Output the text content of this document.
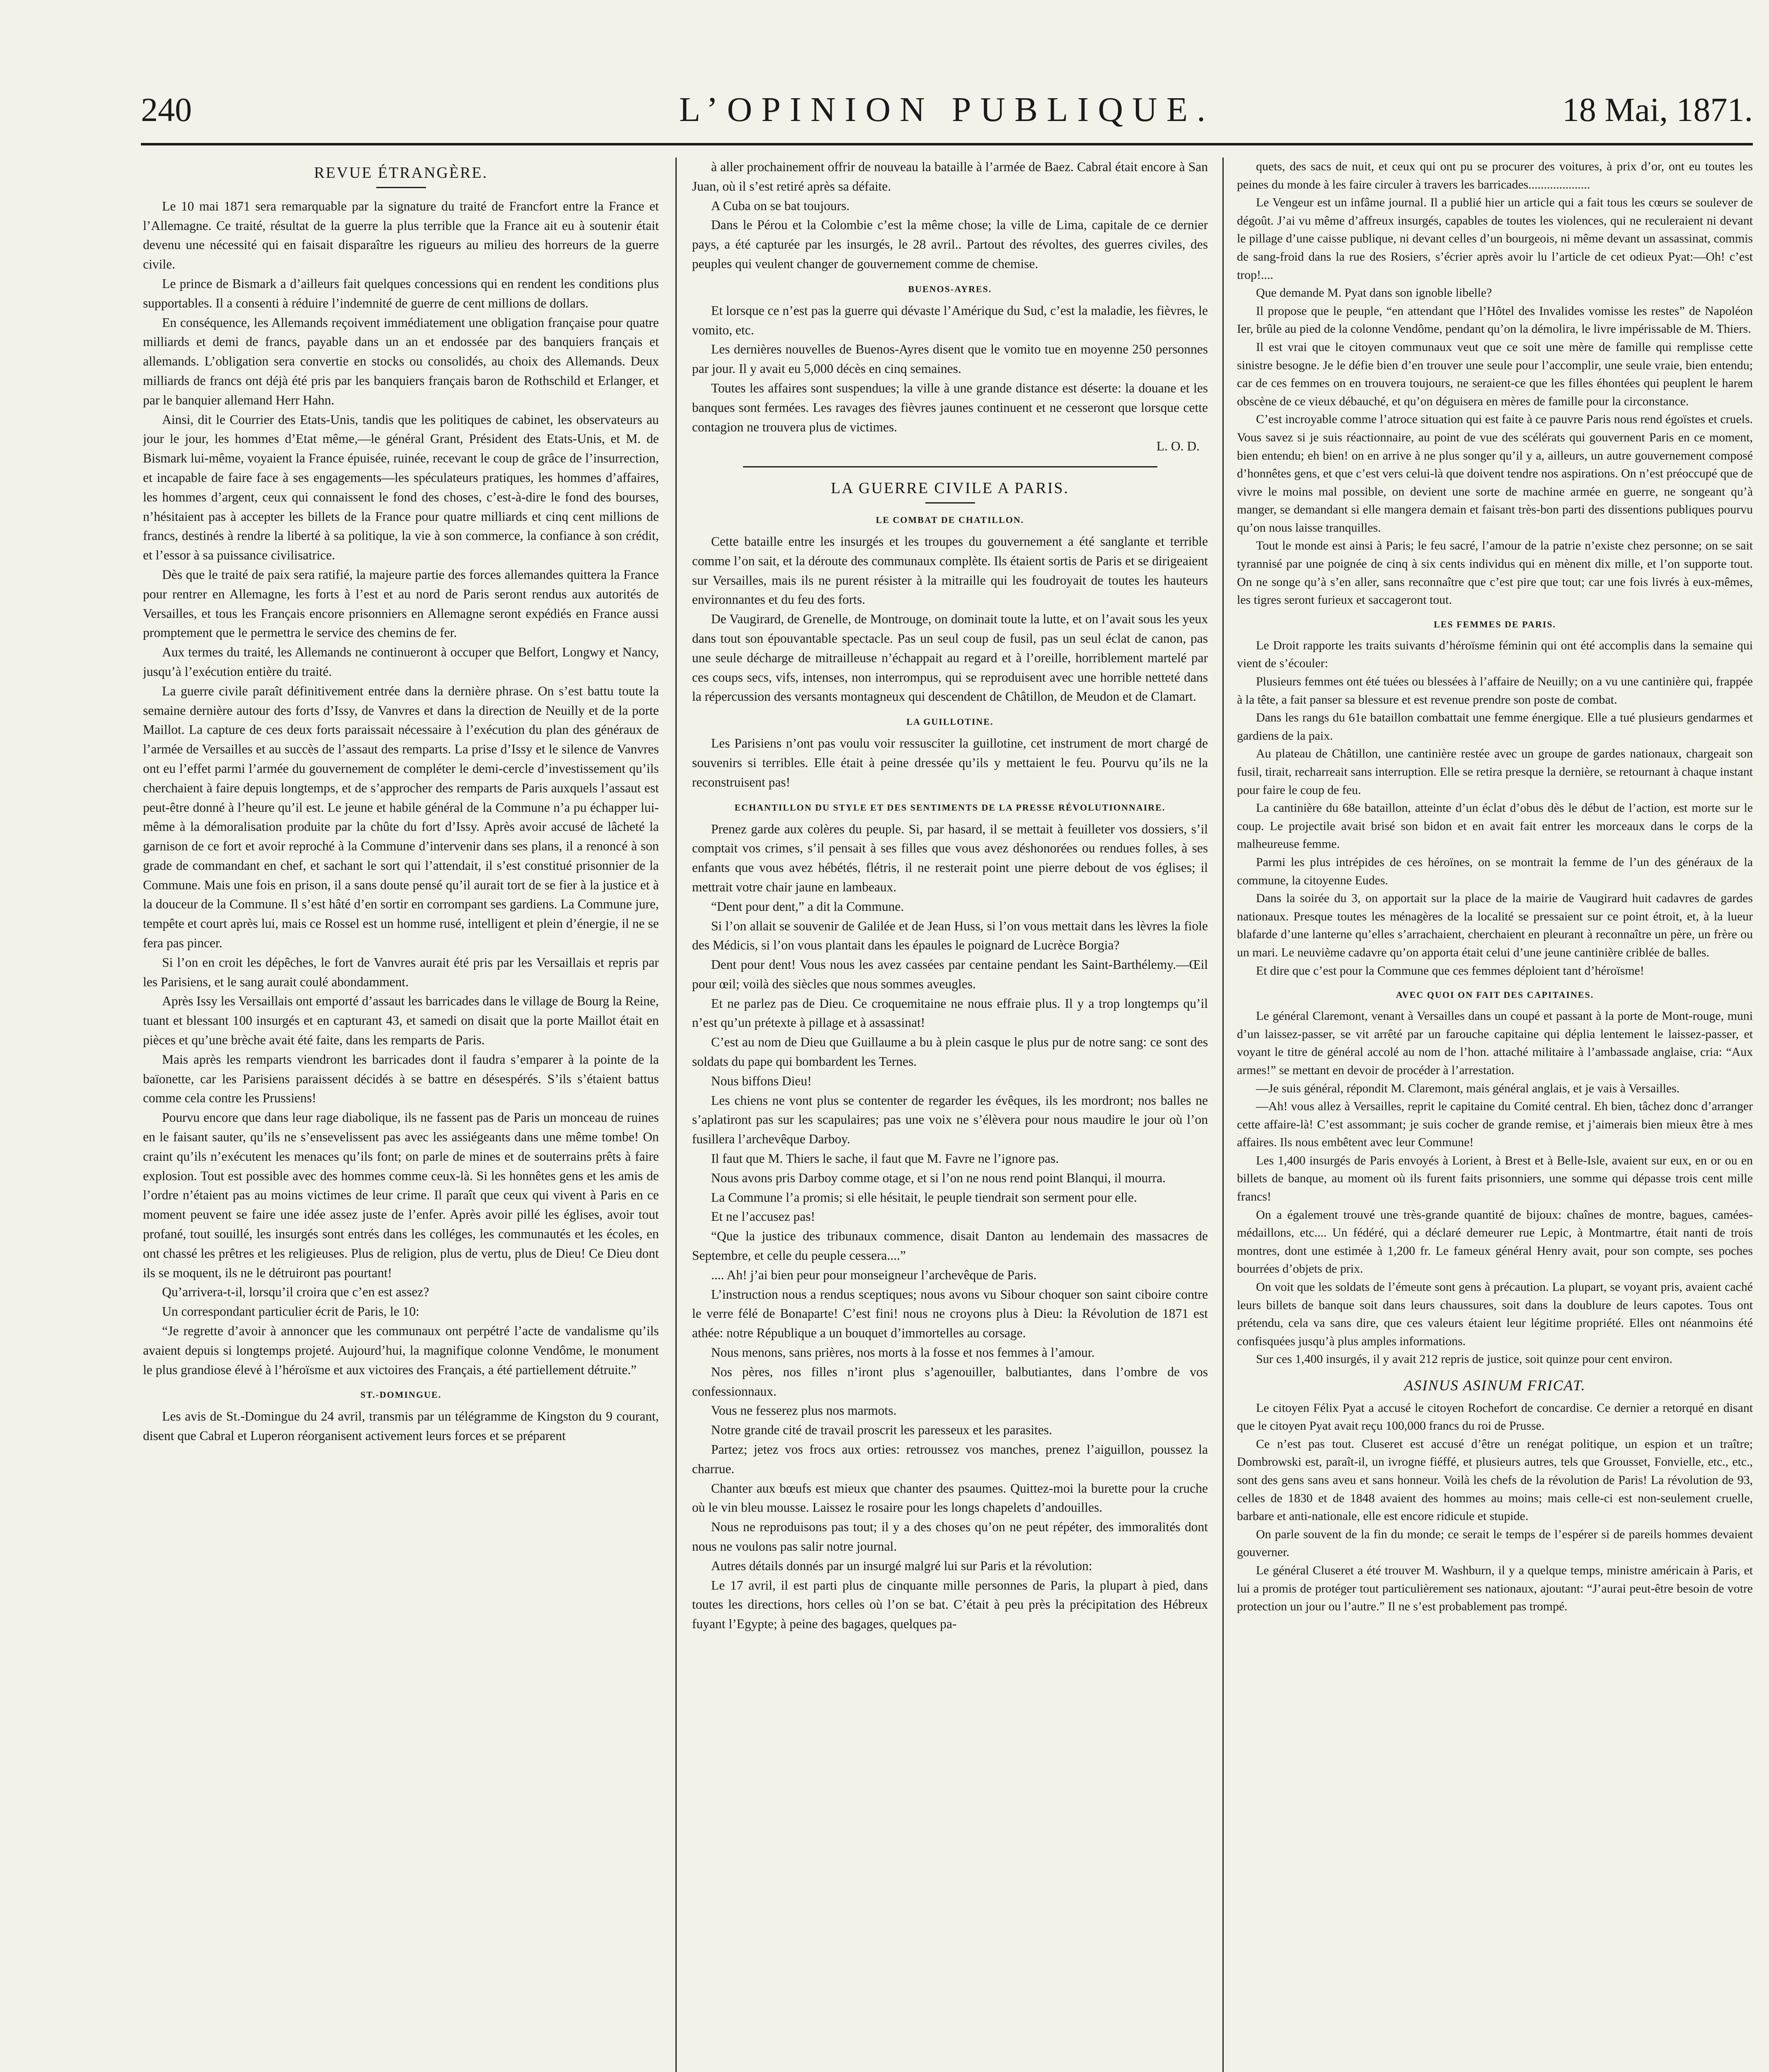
L’OPINION PUBLIQUE.
240	18 Mai, 1871.
REVUE ÉTRANGÈRE.

Le 10 mai 1871 sera remarquable par la signature du traité de Francfort entre la France et l’Allemagne. Ce traité, résultat de la guerre la plus terrible que la France ait eu à soutenir était devenu une nécessité qui en faisait disparaître les rigueurs au milieu des horreurs de la guerre civile.

Le prince de Bismark a d’ailleurs fait quelques concessions qui en rendent les conditions plus supportables. Il a consenti à réduire l’indemnité de guerre de cent millions de dollars.

En conséquence, les Allemands reçoivent immédiatement une obligation française pour quatre milliards et demi de francs, payable dans un an et endossée par des banquiers français et allemands. L’obligation sera convertie en stocks ou consolidés, au choix des Allemands. Deux milliards de francs ont déjà été pris par les banquiers français baron de Rothschild et Erlanger, et par le banquier allemand Herr Hahn.

Ainsi, dit le Courrier des Etats-Unis, tandis que les politiques de cabinet, les observateurs au jour le jour, les hommes d’Etat même,—le général Grant, Président des Etats-Unis, et M. de Bismark lui-même, voyaient la France épuisée, ruinée, recevant le coup de grâce de l’insurrection, et incapable de faire face à ses engagements—les spéculateurs pratiques, les hommes d’affaires, les hommes d’argent, ceux qui connaissent le fond des choses, c’est-à-dire le fond des bourses, n’hésitaient pas à accepter les billets de la France pour quatre milliards et cinq cent millions de francs, destinés à rendre la liberté à sa politique, la vie à son commerce, la confiance à son crédit, et l’essor à sa puissance civilisatrice.

Dès que le traité de paix sera ratifié, la majeure partie des forces allemandes quittera la France pour rentrer en Allemagne, les forts à l’est et au nord de Paris seront rendus aux autorités de Versailles, et tous les Français encore prisonniers en Allemagne seront expédiés en France aussi promptement que le permettra le service des chemins de fer.

Aux termes du traité, les Allemands ne continueront à occuper que Belfort, Longwy et Nancy, jusqu’à l’exécution entière du traité.

La guerre civile paraît définitivement entrée dans la dernière phrase. On s’est battu toute la semaine dernière autour des forts d’Issy, de Vanvres et dans la direction de Neuilly et de la porte Maillot. La capture de ces deux forts paraissait nécessaire à l’exécution du plan des généraux de l’armée de Versailles et au succès de l’assaut des remparts. La prise d’Issy et le silence de Vanvres ont eu l’effet parmi l’armée du gouvernement de compléter le demi-cercle d’investissement qu’ils cherchaient à faire depuis longtemps, et de s’approcher des remparts de Paris auxquels l’assaut est peut-être donné à l’heure qu’il est. Le jeune et habile général de la Commune n’a pu échapper lui-même à la démoralisation produite par la chûte du fort d’Issy. Après avoir accusé de lâcheté la garnison de ce fort et avoir reproché à la Commune d’intervenir dans ses plans, il a renoncé à son grade de commandant en chef, et sachant le sort qui l’attendait, il s’est constitué prisonnier de la Commune. Mais une fois en prison, il a sans doute pensé qu’il aurait tort de se fier à la justice et à la douceur de la Commune. Il s’est hâté d’en sortir en corrompant ses gardiens. La Commune jure, tempête et court après lui, mais ce Rossel est un homme rusé, intelligent et plein d’énergie, il ne se fera pas pincer.

Si l’on en croit les dépêches, le fort de Vanvres aurait été pris par les Versaillais et repris par les Parisiens, et le sang aurait coulé abondamment.

Après Issy les Versaillais ont emporté d’assaut les barricades dans le village de Bourg la Reine, tuant et blessant 100 insurgés et en capturant 43, et samedi on disait que la porte Maillot était en pièces et qu’une brèche avait été faite, dans les remparts de Paris.

Mais après les remparts viendront les barricades dont il faudra s’emparer à la pointe de la baïonette, car les Parisiens paraissent décidés à se battre en désespérés. S’ils s’étaient battus comme cela contre les Prussiens!

Pourvu encore que dans leur rage diabolique, ils ne fassent pas de Paris un monceau de ruines en le faisant sauter, qu’ils ne s’ensevelissent pas avec les assiégeants dans une même tombe! On craint qu’ils n’exécutent les menaces qu’ils font; on parle de mines et de souterrains prêts à faire explosion. Tout est possible avec des hommes comme ceux-là. Si les honnêtes gens et les amis de l’ordre n’étaient pas au moins victimes de leur crime. Il paraît que ceux qui vivent à Paris en ce moment peuvent se faire une idée assez juste de l’enfer. Après avoir pillé les églises, avoir tout profané, tout souillé, les insurgés sont entrés dans les colléges, les communautés et les écoles, en ont chassé les prêtres et les religieuses. Plus de religion, plus de vertu, plus de Dieu! Ce Dieu dont ils se moquent, ils ne le détruiront pas pourtant!

Qu’arrivera-t-il, lorsqu’il croira que c’en est assez?

Un correspondant particulier écrit de Paris, le 10:

“Je regrette d’avoir à annoncer que les communaux ont perpétré l’acte de vandalisme qu’ils avaient depuis si longtemps projeté. Aujourd’hui, la magnifique colonne Vendôme, le monument le plus grandiose élevé à l’héroïsme et aux victoires des Français, a été partiellement détruite.”

ST.-DOMINGUE.

Les avis de St.-Domingue du 24 avril, transmis par un télégramme de Kingston du 9 courant, disent que Cabral et Luperon réorganisent activement leurs forces et se préparent

à aller prochainement offrir de nouveau la bataille à l’armée de Baez. Cabral était encore à San Juan, où il s’est retiré après sa défaite.

A Cuba on se bat toujours.

Dans le Pérou et la Colombie c’est la même chose; la ville de Lima, capitale de ce dernier pays, a été capturée par les insurgés, le 28 avril.. Partout des révoltes, des guerres civiles, des peuples qui veulent changer de gouvernement comme de chemise.

BUENOS-AYRES.

Et lorsque ce n’est pas la guerre qui dévaste l’Amérique du Sud, c’est la maladie, les fièvres, le vomito, etc.

Les dernières nouvelles de Buenos-Ayres disent que le vomito tue en moyenne 250 personnes par jour. Il y avait eu 5,000 décès en cinq semaines.

Toutes les affaires sont suspendues; la ville à une grande distance est déserte: la douane et les banques sont fermées. Les ravages des fièvres jaunes continuent et ne cesseront que lorsque cette contagion ne trouvera plus de victimes.

L. O. D.

LA GUERRE CIVILE A PARIS.
LE COMBAT DE CHATILLON.

Cette bataille entre les insurgés et les troupes du gouvernement a été sanglante et terrible comme l’on sait, et la déroute des communaux complète. Ils étaient sortis de Paris et se dirigeaient sur Versailles, mais ils ne purent résister à la mitraille qui les foudroyait de toutes les hauteurs environnantes et du feu des forts.

De Vaugirard, de Grenelle, de Montrouge, on dominait toute la lutte, et on l’avait sous les yeux dans tout son épouvantable spectacle. Pas un seul coup de fusil, pas un seul éclat de canon, pas une seule décharge de mitrailleuse n’échappait au regard et à l’oreille, horriblement martelé par ces coups secs, vifs, intenses, non interrompus, qui se reproduisent avec une horrible netteté dans la répercussion des versants montagneux qui descendent de Châtillon, de Meudon et de Clamart.

LA GUILLOTINE.

Les Parisiens n’ont pas voulu voir ressusciter la guillotine, cet instrument de mort chargé de souvenirs si terribles. Elle était à peine dressée qu’ils y mettaient le feu. Pourvu qu’ils ne la reconstruisent pas!

ECHANTILLON DU STYLE ET DES SENTIMENTS DE LA PRESSE RÉVOLUTIONNAIRE.

Prenez garde aux colères du peuple. Si, par hasard, il se mettait à feuilleter vos dossiers, s’il comptait vos crimes, s’il pensait à ses filles que vous avez déshonorées ou rendues folles, à ses enfants que vous avez hébétés, flétris, il ne resterait point une pierre debout de vos églises; il mettrait votre chair jaune en lambeaux.

“Dent pour dent,” a dit la Commune.

Si l’on allait se souvenir de Galilée et de Jean Huss, si l’on vous mettait dans les lèvres la fiole des Médicis, si l’on vous plantait dans les épaules le poignard de Lucrèce Borgia?

Dent pour dent! Vous nous les avez cassées par centaine pendant les Saint-Barthélemy.—Œil pour œil; voilà des siècles que nous sommes aveugles.

Et ne parlez pas de Dieu. Ce croquemitaine ne nous effraie plus. Il y a trop longtemps qu’il n’est qu’un prétexte à pillage et à assassinat!

C’est au nom de Dieu que Guillaume a bu à plein casque le plus pur de notre sang: ce sont des soldats du pape qui bombardent les Ternes.

Nous biffons Dieu!

Les chiens ne vont plus se contenter de regarder les évêques, ils les mordront; nos balles ne s’aplatiront pas sur les scapulaires; pas une voix ne s’élèvera pour nous maudire le jour où l’on fusillera l’archevêque Darboy.

Il faut que M. Thiers le sache, il faut que M. Favre ne l’ignore pas.

Nous avons pris Darboy comme otage, et si l’on ne nous rend point Blanqui, il mourra.

La Commune l’a promis; si elle hésitait, le peuple tiendrait son serment pour elle.

Et ne l’accusez pas!

“Que la justice des tribunaux commence, disait Danton au lendemain des massacres de Septembre, et celle du peuple cessera....”

.... Ah! j’ai bien peur pour monseigneur l’archevêque de Paris.

L’instruction nous a rendus sceptiques; nous avons vu Sibour choquer son saint ciboire contre le verre félé de Bonaparte! C’est fini! nous ne croyons plus à Dieu: la Révolution de 1871 est athée: notre République a un bouquet d’immortelles au corsage.

Nous menons, sans prières, nos morts à la fosse et nos femmes à l’amour.

Nos pères, nos filles n’iront plus s’agenouiller, balbutiantes, dans l’ombre de vos confessionnaux.

Vous ne fesserez plus nos marmots.

Notre grande cité de travail proscrit les paresseux et les parasites.

Partez; jetez vos frocs aux orties: retroussez vos manches, prenez l’aiguillon, poussez la charrue.

Chanter aux bœufs est mieux que chanter des psaumes. Quittez-moi la burette pour la cruche où le vin bleu mousse. Laissez le rosaire pour les longs chapelets d’andouilles.

Nous ne reproduisons pas tout; il y a des choses qu’on ne peut répéter, des immoralités dont nous ne voulons pas salir notre journal.

Autres détails donnés par un insurgé malgré lui sur Paris et la révolution:

Le 17 avril, il est parti plus de cinquante mille personnes de Paris, la plupart à pied, dans toutes les directions, hors celles où l’on se bat. C’était à peu près la précipitation des Hébreux fuyant l’Egypte; à peine des bagages, quelques pa-

quets, des sacs de nuit, et ceux qui ont pu se procurer des voitures, à prix d’or, ont eu toutes les peines du monde à les faire circuler à travers les barricades....................

Le Vengeur est un infâme journal. Il a publié hier un article qui a fait tous les cœurs se soulever de dégoût. J’ai vu même d’affreux insurgés, capables de toutes les violences, qui ne reculeraient ni devant le pillage d’une caisse publique, ni devant celles d’un bourgeois, ni même devant un assassinat, commis de sang-froid dans la rue des Rosiers, s’écrier après avoir lu l’article de cet odieux Pyat:—Oh! c’est trop!....

Que demande M. Pyat dans son ignoble libelle?

Il propose que le peuple, “en attendant que l’Hôtel des Invalides vomisse les restes” de Napoléon Ier, brûle au pied de la colonne Vendôme, pendant qu’on la démolira, le livre impérissable de M. Thiers.

Il est vrai que le citoyen communaux veut que ce soit une mère de famille qui remplisse cette sinistre besogne. Je le défie bien d’en trouver une seule pour l’accomplir, une seule vraie, bien entendu; car de ces femmes on en trouvera toujours, ne seraient-ce que les filles éhontées qui peuplent le harem obscène de ce vieux débauché, et qu’on déguisera en mères de famille pour la circonstance.

C’est incroyable comme l’atroce situation qui est faite à ce pauvre Paris nous rend égoïstes et cruels. Vous savez si je suis réactionnaire, au point de vue des scélérats qui gouvernent Paris en ce moment, bien entendu; eh bien! on en arrive à ne plus songer qu’il y a, ailleurs, un autre gouvernement composé d’honnêtes gens, et que c’est vers celui-là que doivent tendre nos aspirations. On n’est préoccupé que de vivre le moins mal possible, on devient une sorte de machine armée en guerre, ne songeant qu’à manger, se demandant si elle mangera demain et faisant très-bon parti des dissentions publiques pourvu qu’on nous laisse tranquilles.

Tout le monde est ainsi à Paris; le feu sacré, l’amour de la patrie n’existe chez personne; on se sait tyrannisé par une poignée de cinq à six cents individus qui en mènent dix mille, et l’on supporte tout. On ne songe qu’à s’en aller, sans reconnaître que c’est pire que tout; car une fois livrés à eux-mêmes, les tigres seront furieux et saccageront tout.

LES FEMMES DE PARIS.

Le Droit rapporte les traits suivants d’héroïsme féminin qui ont été accomplis dans la semaine qui vient de s’écouler:

Plusieurs femmes ont été tuées ou blessées à l’affaire de Neuilly; on a vu une cantinière qui, frappée à la tête, a fait panser sa blessure et est revenue prendre son poste de combat.

Dans les rangs du 61e bataillon combattait une femme énergique. Elle a tué plusieurs gendarmes et gardiens de la paix.

Au plateau de Châtillon, une cantinière restée avec un groupe de gardes nationaux, chargeait son fusil, tirait, recharreait sans interruption. Elle se retira presque la dernière, se retournant à chaque instant pour faire le coup de feu.

La cantinière du 68e bataillon, atteinte d’un éclat d’obus dès le début de l’action, est morte sur le coup. Le projectile avait brisé son bidon et en avait fait entrer les morceaux dans le corps de la malheureuse femme.

Parmi les plus intrépides de ces héroïnes, on se montrait la femme de l’un des généraux de la commune, la citoyenne Eudes.

Dans la soirée du 3, on apportait sur la place de la mairie de Vaugirard huit cadavres de gardes nationaux. Presque toutes les ménagères de la localité se pressaient sur ce point étroit, et, à la lueur blafarde d’une lanterne qu’elles s’arrachaient, cherchaient en pleurant à reconnaître un père, un frère ou un mari. Le neuvième cadavre qu’on apporta était celui d’une jeune cantinière criblée de balles.

Et dire que c’est pour la Commune que ces femmes déploient tant d’héroïsme!

AVEC QUOI ON FAIT DES CAPITAINES.

Le général Claremont, venant à Versailles dans un coupé et passant à la porte de Mont-rouge, muni d’un laissez-passer, se vit arrêté par un farouche capitaine qui déplia lentement le laissez-passer, et voyant le titre de général accolé au nom de l’hon. attaché militaire à l’ambassade anglaise, cria: “Aux armes!” se mettant en devoir de procéder à l’arrestation.

—Je suis général, répondit M. Claremont, mais général anglais, et je vais à Versailles.

—Ah! vous allez à Versailles, reprit le capitaine du Comité central. Eh bien, tâchez donc d’arranger cette affaire-là! C’est assommant; je suis cocher de grande remise, et j’aimerais bien mieux être à mes affaires. Ils nous embêtent avec leur Commune!

Les 1,400 insurgés de Paris envoyés à Lorient, à Brest et à Belle-Isle, avaient sur eux, en or ou en billets de banque, au moment où ils furent faits prisonniers, une somme qui dépasse trois cent mille francs!

On a également trouvé une très-grande quantité de bijoux: chaînes de montre, bagues, camées-médaillons, etc.... Un fédéré, qui a déclaré demeurer rue Lepic, à Montmartre, était nanti de trois montres, dont une estimée à 1,200 fr. Le fameux général Henry avait, pour son compte, ses poches bourrées d’objets de prix.

On voit que les soldats de l’émeute sont gens à précaution. La plupart, se voyant pris, avaient caché leurs billets de banque soit dans leurs chaussures, soit dans la doublure de leurs capotes. Tous ont prétendu, cela va sans dire, que ces valeurs étaient leur légitime propriété. Elles ont néanmoins été confisquées jusqu’à plus amples informations.

Sur ces 1,400 insurgés, il y avait 212 repris de justice, soit quinze pour cent environ.

ASINUS ASINUM FRICAT.

Le citoyen Félix Pyat a accusé le citoyen Rochefort de concardise. Ce dernier a retorqué en disant que le citoyen Pyat avait reçu 100,000 francs du roi de Prusse.

Ce n’est pas tout. Cluseret est accusé d’être un renégat politique, un espion et un traître; Dombrowski est, paraît-il, un ivrogne fiéffé, et plusieurs autres, tels que Grousset, Fonvielle, etc., etc., sont des gens sans aveu et sans honneur. Voilà les chefs de la révolution de Paris! La révolution de 93, celles de 1830 et de 1848 avaient des hommes au moins; mais celle-ci est non-seulement cruelle, barbare et anti-nationale, elle est encore ridicule et stupide.

On parle souvent de la fin du monde; ce serait le temps de l’espérer si de pareils hommes devaient gouverner.

Le général Cluseret a été trouver M. Washburn, il y a quelque temps, ministre américain à Paris, et lui a promis de protéger tout particulièrement ses nationaux, ajoutant: “J’aurai peut-être besoin de votre protection un jour ou l’autre.” Il ne s’est probablement pas trompé.
